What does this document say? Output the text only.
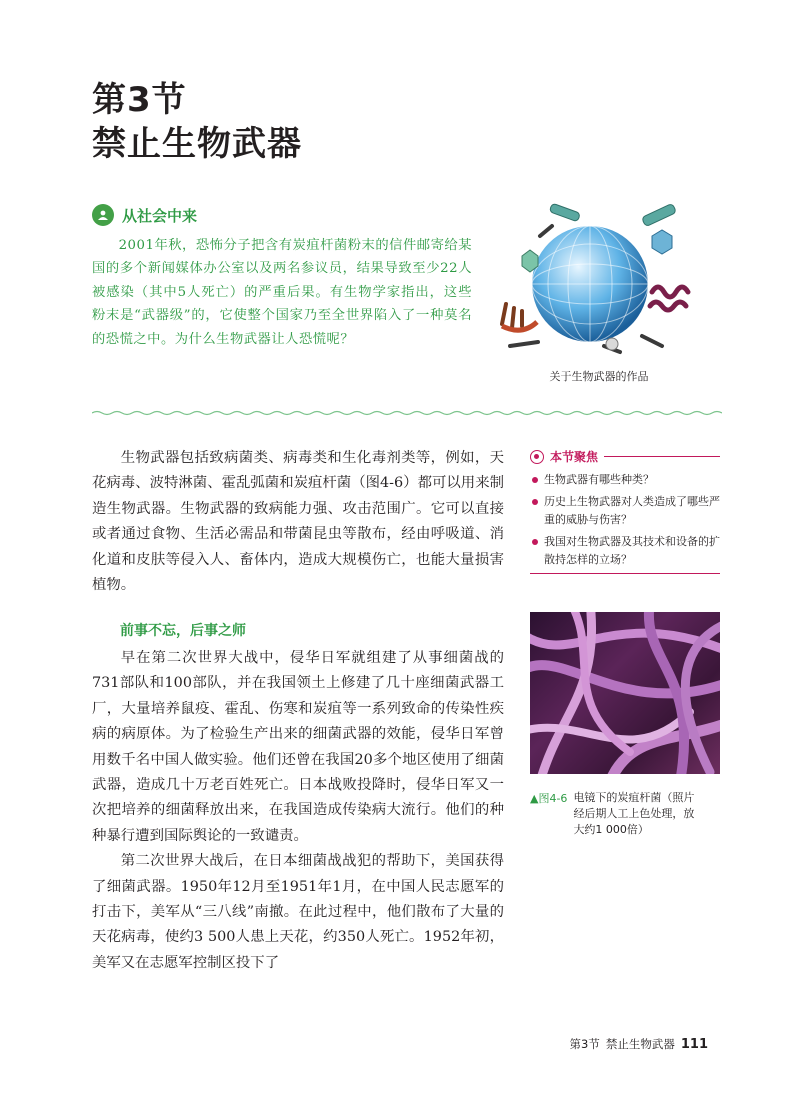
第3节
禁止生物武器
从社会中来

2001年秋，恐怖分子把含有炭疽杆菌粉末的信件邮寄给某国的多个新闻媒体办公室以及两名参议员，结果导致至少22人被感染（其中5人死亡）的严重后果。有生物学家指出，这些粉末是“武器级”的，它使整个国家乃至全世界陷入了一种莫名的恐慌之中。为什么生物武器让人恐慌呢？

关于生物武器的作品

生物武器包括致病菌类、病毒类和生化毒剂类等，例如，天花病毒、波特淋菌、霍乱弧菌和炭疽杆菌（图4-6）都可以用来制造生物武器。生物武器的致病能力强、攻击范围广。它可以直接或者通过食物、生活必需品和带菌昆虫等散布，经由呼吸道、消化道和皮肤等侵入人、畜体内，造成大规模伤亡，也能大量损害植物。

前事不忘，后事之师

早在第二次世界大战中，侵华日军就组建了从事细菌战的731部队和100部队，并在我国领土上修建了几十座细菌武器工厂，大量培养鼠疫、霍乱、伤寒和炭疽等一系列致命的传染性疾病的病原体。为了检验生产出来的细菌武器的效能，侵华日军曾用数千名中国人做实验。他们还曾在我国20多个地区使用了细菌武器，造成几十万老百姓死亡。日本战败投降时，侵华日军又一次把培养的细菌释放出来，在我国造成传染病大流行。他们的种种暴行遭到国际舆论的一致谴责。

第二次世界大战后，在日本细菌战战犯的帮助下，美国获得了细菌武器。1950年12月至1951年1月，在中国人民志愿军的打击下，美军从“三八线”南撤。在此过程中，他们散布了大量的天花病毒，使约3 500人患上天花，约350人死亡。1952年初，美军又在志愿军控制区投下了

本节聚焦
生物武器有哪些种类？
历史上生物武器对人类造成了哪些严重的威胁与伤害？
我国对生物武器及其技术和设备的扩散持怎样的立场？
▲图4-6 电镜下的炭疽杆菌（照片经后期人工上色处理，放大约1 000倍）
第3节 禁止生物武器 111
